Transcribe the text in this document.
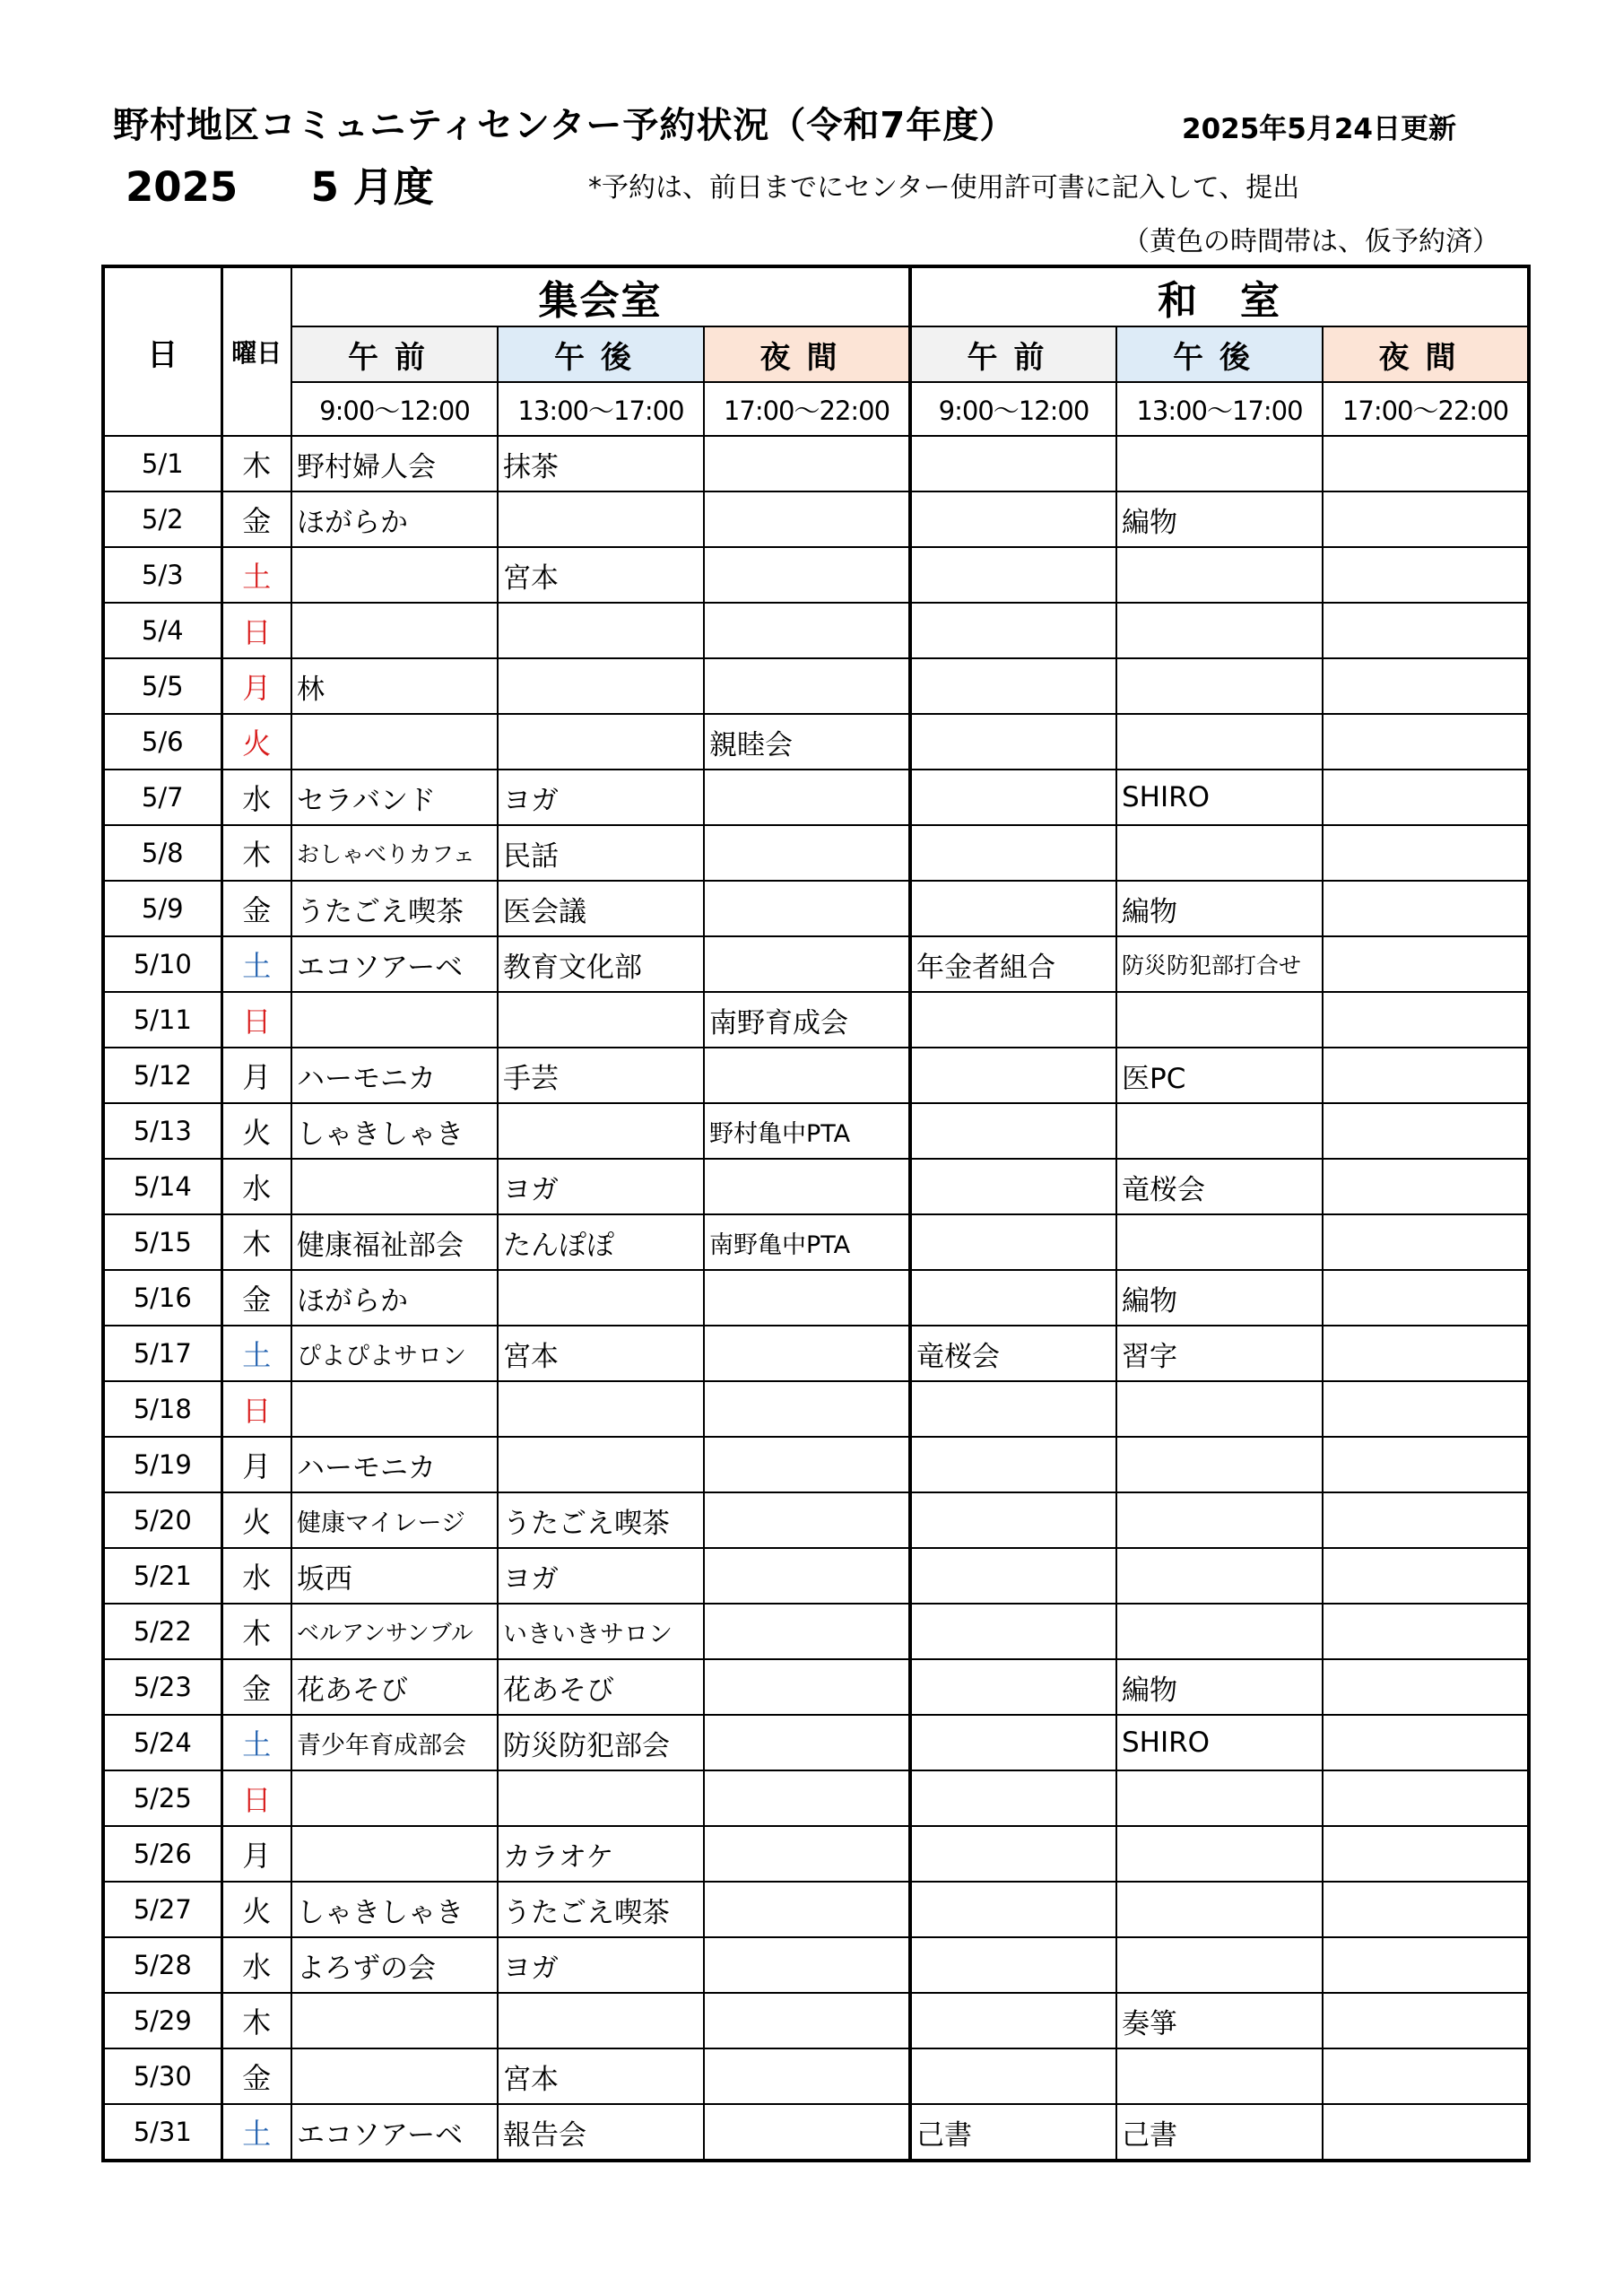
野村地区コミュニティセンター予約状況（令和7年度）	2025年5月24日更新
2025 5 月度	*予約は、前日までにセンター使用許可書に記入して、提出
（黄色の時間帯は、仮予約済）
日	曜日	集会室			和　室		
		午前	午後	夜間	午前	午後	夜間
		9:00～12:00	13:00～17:00	17:00～22:00	9:00～12:00	13:00～17:00	17:00～22:00
5/1	木	野村婦人会	抹茶				
5/2	金	ほがらか				編物	
5/3	土		宮本				
5/4	日						
5/5	月	林					
5/6	火			親睦会			
5/7	水	セラバンド	ヨガ			SHIRO	
5/8	木	おしゃべりカフェ	民話				
5/9	金	うたごえ喫茶	医会議			編物	
5/10	土	エコソアーベ	教育文化部		年金者組合	防災防犯部打合せ	
5/11	日			南野育成会			
5/12	月	ハーモニカ	手芸			医PC	
5/13	火	しゃきしゃき		野村亀中PTA			
5/14	水		ヨガ			竜桜会	
5/15	木	健康福祉部会	たんぽぽ	南野亀中PTA			
5/16	金	ほがらか				編物	
5/17	土	ぴよぴよサロン	宮本		竜桜会	習字	
5/18	日						
5/19	月	ハーモニカ					
5/20	火	健康マイレージ	うたごえ喫茶				
5/21	水	坂西	ヨガ				
5/22	木	ベルアンサンブル	いきいきサロン				
5/23	金	花あそび	花あそび			編物	
5/24	土	青少年育成部会	防災防犯部会			SHIRO	
5/25	日						
5/26	月		カラオケ				
5/27	火	しゃきしゃき	うたごえ喫茶				
5/28	水	よろずの会	ヨガ				
5/29	木					奏箏	
5/30	金		宮本				
5/31	土	エコソアーベ	報告会		己書	己書	
